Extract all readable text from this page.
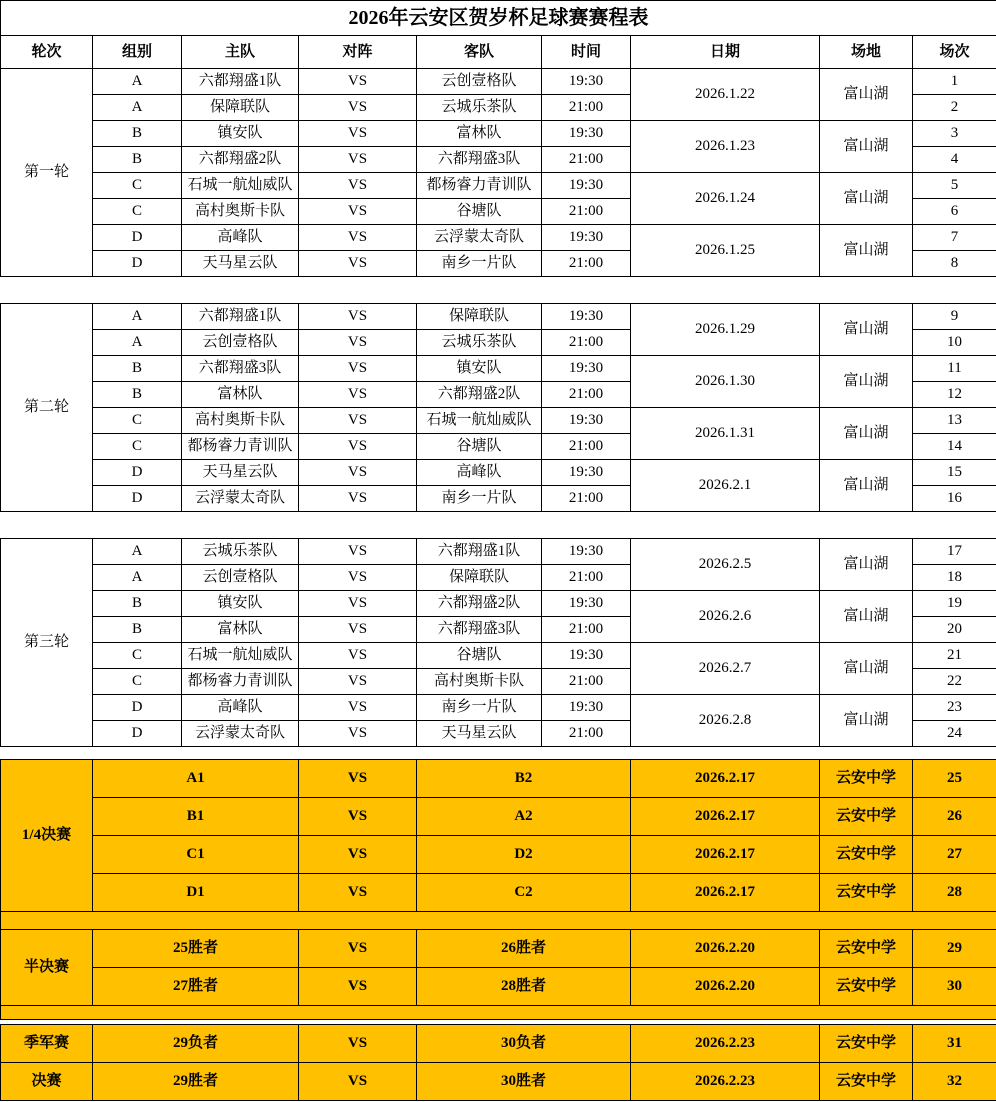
2026年云安区贺岁杯足球赛赛程表								
轮次	组别	主队	对阵	客队	时间	日期	场地	场次
第一轮	A	六都翔盛1队	VS	云创壹格队	19:30	2026.1.22	富山湖	1
	A	保障联队	VS	云城乐茶队	21:00			2
	B	镇安队	VS	富林队	19:30	2026.1.23	富山湖	3
	B	六都翔盛2队	VS	六都翔盛3队	21:00			4
	C	石城一航灿威队	VS	都杨睿力青训队	19:30	2026.1.24	富山湖	5
	C	高村奥斯卡队	VS	谷塘队	21:00			6
	D	高峰队	VS	云浮蒙太奇队	19:30	2026.1.25	富山湖	7
	D	天马星云队	VS	南乡一片队	21:00			8

第二轮	A	六都翔盛1队	VS	保障联队	19:30	2026.1.29	富山湖	9
	A	云创壹格队	VS	云城乐茶队	21:00			10
	B	六都翔盛3队	VS	镇安队	19:30	2026.1.30	富山湖	11
	B	富林队	VS	六都翔盛2队	21:00			12
	C	高村奥斯卡队	VS	石城一航灿威队	19:30	2026.1.31	富山湖	13
	C	都杨睿力青训队	VS	谷塘队	21:00			14
	D	天马星云队	VS	高峰队	19:30	2026.2.1	富山湖	15
	D	云浮蒙太奇队	VS	南乡一片队	21:00			16

第三轮	A	云城乐茶队	VS	六都翔盛1队	19:30	2026.2.5	富山湖	17
	A	云创壹格队	VS	保障联队	21:00			18
	B	镇安队	VS	六都翔盛2队	19:30	2026.2.6	富山湖	19
	B	富林队	VS	六都翔盛3队	21:00			20
	C	石城一航灿威队	VS	谷塘队	19:30	2026.2.7	富山湖	21
	C	都杨睿力青训队	VS	高村奥斯卡队	21:00			22
	D	高峰队	VS	南乡一片队	19:30	2026.2.8	富山湖	23
	D	云浮蒙太奇队	VS	天马星云队	21:00			24

1/4决赛	A1		VS	B2		2026.2.17	云安中学	25
	B1		VS	A2		2026.2.17	云安中学	26
	C1		VS	D2		2026.2.17	云安中学	27
	D1		VS	C2		2026.2.17	云安中学	28

半决赛	25胜者		VS	26胜者		2026.2.20	云安中学	29
	27胜者		VS	28胜者		2026.2.20	云安中学	30

季军赛	29负者		VS	30负者		2026.2.23	云安中学	31
决赛	29胜者		VS	30胜者		2026.2.23	云安中学	32
